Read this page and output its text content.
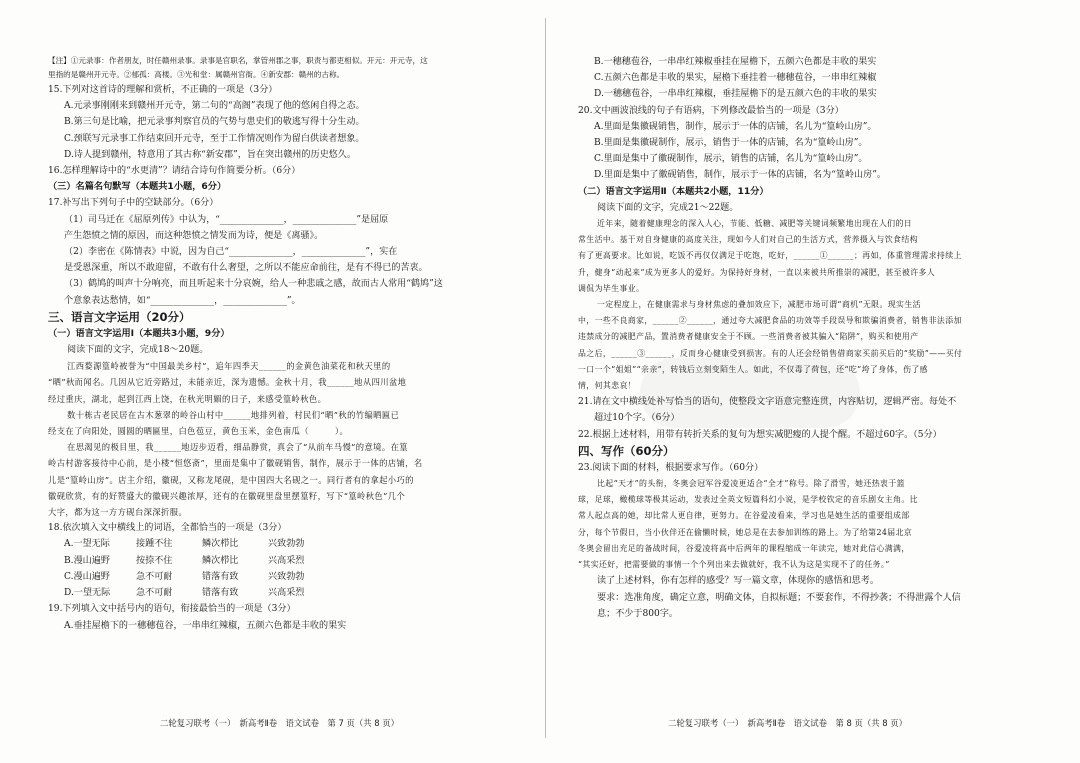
【注】①元录事：作者朋友，时任赣州录事。录事是官职名，掌管州郡之事，职责与都吏相似。开元：开元寺，这

里指的是赣州开元寺。②郁孤：高楼。③光和堂：属赣州官衙。④新安郡：赣州的古称。

15.下列对这首诗的理解和赏析，不正确的一项是（3分）

A.元录事刚刚来到赣州开元寺，第二句的“高阁”表现了他的悠闲自得之态。

B.第三句是比喻，把元录事判察官员的气势与患史们的敬逃写得十分生动。

C.颈联写元录事工作结束回开元寺，至于工作情况则作为留白供读者想象。

D.诗人提到赣州，特意用了其古称“新安郡”，旨在突出赣州的历史悠久。

16.怎样理解诗中的“水更清”？请结合诗句作简要分析。（6分）

（三）名篇名句默写（本题共1小题，6分）

17.补写出下列句子中的空缺部分。（6分）

（1）司马迁在《屈原列传》中认为，“______________，______________”是屈原

产生怨愤之情的原因，而这种怨愤之情发而为诗，便是《离骚》。

（2）李密在《陈情表》中说，因为自己“______________，______________”，实在

是受恩深重，所以不敢迎留，不敢有什么奢望，之所以不能应命前往，是有不得已的苦衷。

（3）鹤鸠的叫声十分响亮，而且听起来十分哀婉，给人一种悲戚之感，故而古人常用“鹤鸠”这

个意象表达愁情，如“______________，______________”。

三、语言文字运用（20分）

（一）语言文字运用Ⅰ（本题共3小题，9分）

阅读下面的文字，完成18～20题。

江西婺源篁岭被誉为“中国最美乡村”，追年四季天______的金黄色油菜花和秋天里的

“晒”秋而闻名。几因从它近旁路过，未能亲近，深为遗憾。金秋十月，我______地从四川盆地

经过重庆，湖北，起到江西上饶，在秋光明媚的日子，来感受篁岭秋色。

数十栋古老民居在古木葱翠的岭谷山村中______地排列着，村民们“晒”秋的竹编晒匾已

经支在了向阳处，圆圆的晒匾里，白色苞豆，黄色玉米，金色南瓜（　　　）。

在思渴见的极目里，我______地迈步迈看，细品静赏，真会了“从前车马慢”的意境。在篁

岭古村游客接待中心前，是小楼“恒悠斋”，里面是集中了徽砚销售，制作，展示于一体的店铺，名

儿是“篁岭山房”。店主介绍，徽砚，又称龙尾砚，是中国四大名砚之一。同行者有的拿起小巧的

徽砚欣赏，有的好赞盛大的徽砚兴趣浓厚，还有的在徽砚里盘里摆篁籽，写下“篁岭秋色”几个

大字，都为这一方方砚台深深折服。

18.依次填入文中横线上的词语，全都恰当的一项是（3分）

A.一望无际	接踵不往	鳞次栉比	兴致勃勃
B.漫山遍野	按捺不住	鳞次栉比	兴高采烈
C.漫山遍野	急不可耐	错落有致	兴致勃勃
D.一望无际	急不可耐	错落有致	兴高采烈

19.下列填入文中括号内的语句，衔接最恰当的一项是（3分）

A.垂挂屋檐下的一穗穗苞谷，一串串红辣椒，五颜六色都是丰收的果实

B.一穗穗苞谷，一串串红辣椒垂挂在屋檐下，五颜六色都是丰收的果实

C.五颜六色都是丰收的果实，屋檐下垂挂着一穗穗苞谷，一串串红辣椒

D.一穗穗苞谷，一串串红辣椒，垂挂屋檐下的是五颜六色的丰收的果实

20.文中画波浪线的句子有语病，下列修改最恰当的一项是（3分）

A.里面是集徽砚销售，制作，展示于一体的店铺，名儿为“篁岭山房”。

B.里面是集徽砚制作，展示，销售于一体的店铺，名为“篁岭山房”。

C.里面是集中了徽砚制作，展示，销售的店铺，名儿为“篁岭山房”。

D.里面是集中了徽砚销售，制作，展示于一体的店铺，名为“篁岭山房”。

（二）语言文字运用Ⅱ（本题共2小题，11分）

阅读下面的文字，完成21～22题。

近年来，随着健康理念的深入人心，节能、低糖、减肥等关键词频繁地出现在人们的日

常生活中。基于对自身健康的高度关注，现如今人们对自己的生活方式，营养摄入与饮食结构

有了更高要求。比如说，吃饭不再仅仅满足于吃饱，吃好，______①______；再如，体重管理需求持续上

升，健身“动起来”成为更多人的爱好。为保持好身材，一直以来被共所推崇的减肥，甚至被许多人

调侃为毕生事业。

一定程度上，在健康需求与身材焦虑的叠加效应下，减肥市场可谓“商机”无限。现实生活

中，一些不良商家，______②______，通过夸大减肥食品的功效等手段误导和欺骗消费者，销售非法添加

违禁成分的减肥产品，置消费者健康安全于不顾。一些消费者被其骗入“陷阱”，购买和使用产

品之后，______③______，反而身心健康受到损害。有的人还会经销售借商家买前买后的“奖励”——买付

一口一个“姐姐”“亲亲”，转钱后立刻变陌生人。如此，不仅毒了荷包，还“吃”垮了身体，伤了感

情，何其悲哀！

21.请在文中横线处补写恰当的语句，使整段文字语意完整连贯，内容贴切，逻辑严密。每处不

超过10个字。（6分）

22.根据上述材料，用带有转折关系的复句为想实减肥瘦的人提个醒。不超过60字。（5分）

四、写作（60分）

23.阅读下面的材料，根据要求写作。（60分）

比起“天才”的头衔，冬奥会冠军谷爱凌更适合“全才”称号。除了滑雪，她还热衷于篮

球，足球，橄榄球等极其运动，发表过全英文短篇科幻小说，是学校钦定的音乐剧女主角。比

常人起点高的她，却比常人更自律，更努力。在谷爱凌看来，学习也是她生活的重要组成部

分，每个节假日，当小伙伴还在偷懒时候，她总是在去参加训练的路上。为了给第24届北京

冬奥会留出充足的备战时间，谷爱凌将高中后两年的课程缩成一年读完，她对此信心满满，

“其实还好，把需要做的事情一个个列出来去做就好，我不认为这是实现不了的任务。”

读了上述材料，你有怎样的感受？写一篇文章，体现你的感悟和思考。

要求：选准角度，确定立意，明确文体，自拟标题；不要套作，不得抄袭；不得泄露个人信

息；不少于800字。

二轮复习联考（一）　新高考Ⅱ卷　语文试卷　第 7 页（共 8 页）	二轮复习联考（一）　新高考Ⅱ卷　语文试卷　第 8 页（共 8 页）
